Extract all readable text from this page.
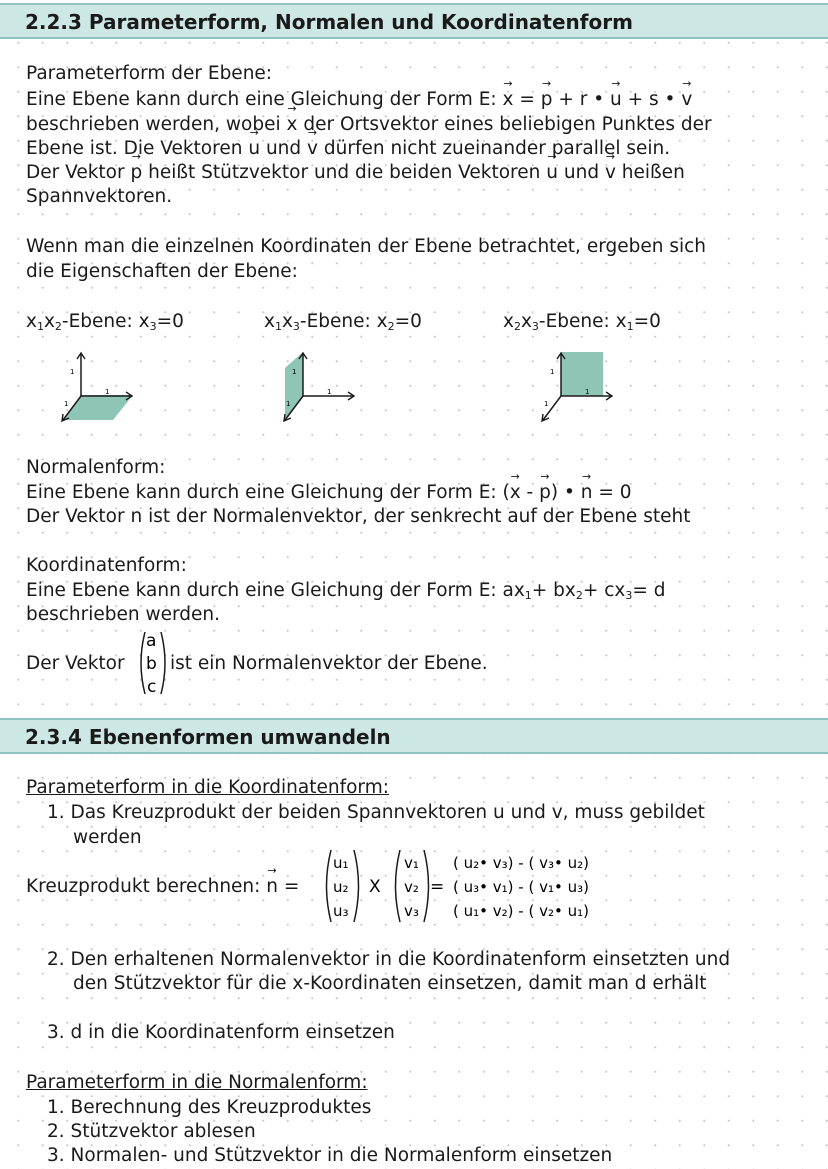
2.2.3 Parameterform, Normalen und Koordinatenform
Parameterform der Ebene:
Eine Ebene kann durch eine Gleichung der Form E: x → = p → + r • u → + s • v →
beschrieben werden, wobei x → der Ortsvektor eines beliebigen Punktes der
Ebene ist. Die Vektoren u → und v → dürfen nicht zueinander parallel sein.
Der Vektor p → heißt Stützvektor und die beiden Vektoren u → und v → heißen
Spannvektoren.
Wenn man die einzelnen Koordinaten der Ebene betrachtet, ergeben sich
die Eigenschaften der Ebene:
$x_1x_2$-Ebene: $x_3=0$	$x_1x_3$-Ebene: $x_2=0$	$x_2x_3$-Ebene: $x_1=0$
1
1
1
1
1
1
1
1
1
Normalenform:
Eine Ebene kann durch eine Gleichung der Form E: (x → - p →) • n → = 0
Der Vektor n ist der Normalenvektor, der senkrecht auf der Ebene steht
Koordinatenform:
Eine Ebene kann durch eine Gleichung der Form E: $ax_1+ bx_2+ cx_3= d$
beschrieben werden.
Der Vektor ist ein Normalenvektor der Ebene.
a
b
c
2.3.4 Ebenenformen umwandeln
Parameterform in die Koordinatenform:
1. Das Kreuzprodukt der beiden Spannvektoren u und v, muss gebildet
werden
Kreuzprodukt berechnen: n → =
u₁
u₂
u₃
X
v₁
v₂
v₃
=
( u₂• v₃) - ( v₃• u₂)
( u₃• v₁) - ( v₁• u₃)
( u₁• v₂) - ( v₂• u₁)
2. Den erhaltenen Normalenvektor in die Koordinatenform einsetzten und
den Stützvektor für die x-Koordinaten einsetzen, damit man d erhält
3. d in die Koordinatenform einsetzen
Parameterform in die Normalenform:
1. Berechnung des Kreuzproduktes
2. Stützvektor ablesen
3. Normalen- und Stützvektor in die Normalenform einsetzen
